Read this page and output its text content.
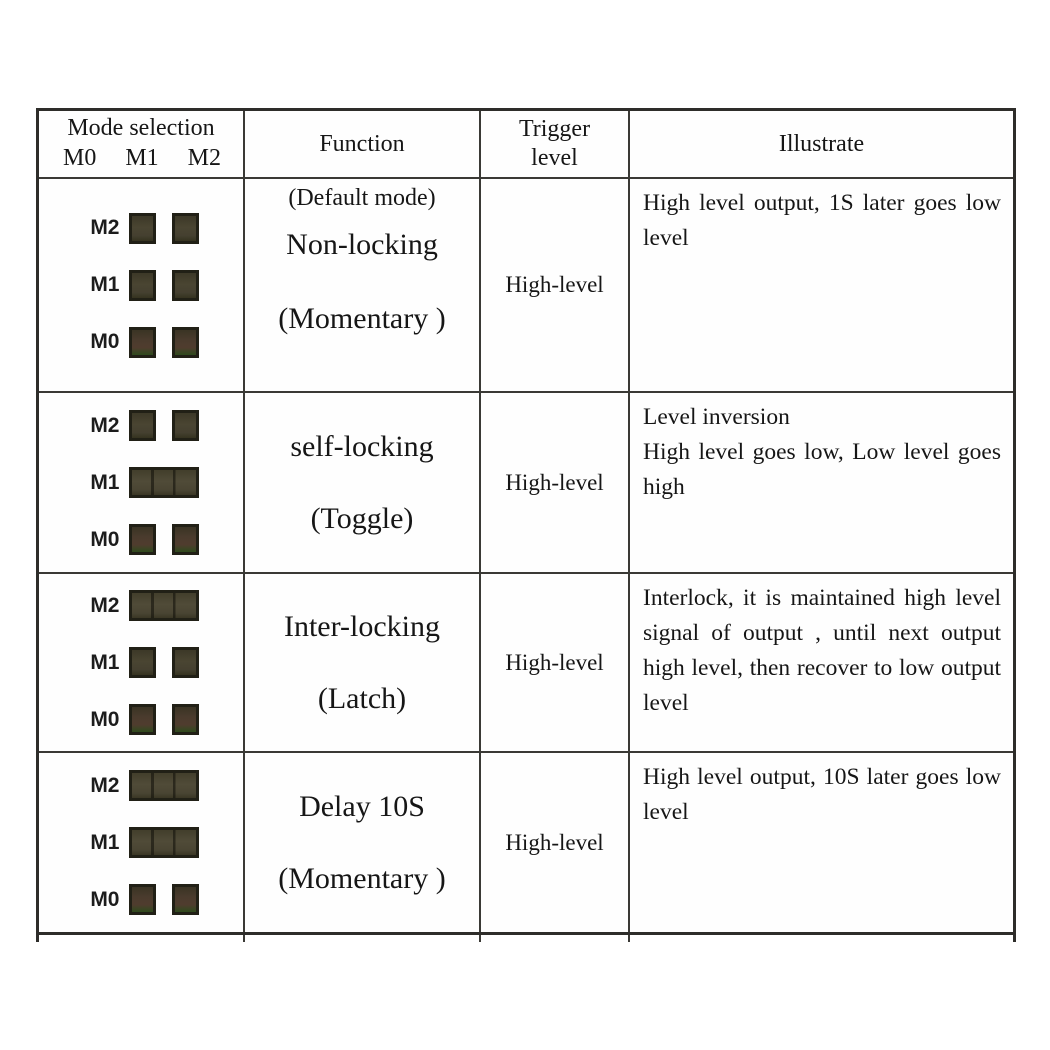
Mode selection
M0 M1 M2
Function
Trigger
level
Illustrate
M2
M1
M0
(Default mode)
Non-locking
(Momentary )
High-level
High level output, 1S later goes low level
M2
M1
M0
self-locking
(Toggle)
High-level
Level inversion
High level goes low, Low level goes high
M2
M1
M0
Inter-locking
(Latch)
High-level
Interlock, it is maintained high level signal of output , until next output high level, then recover to low output level
M2
M1
M0
Delay 10S
(Momentary )
High-level
High level output, 10S later goes low level
